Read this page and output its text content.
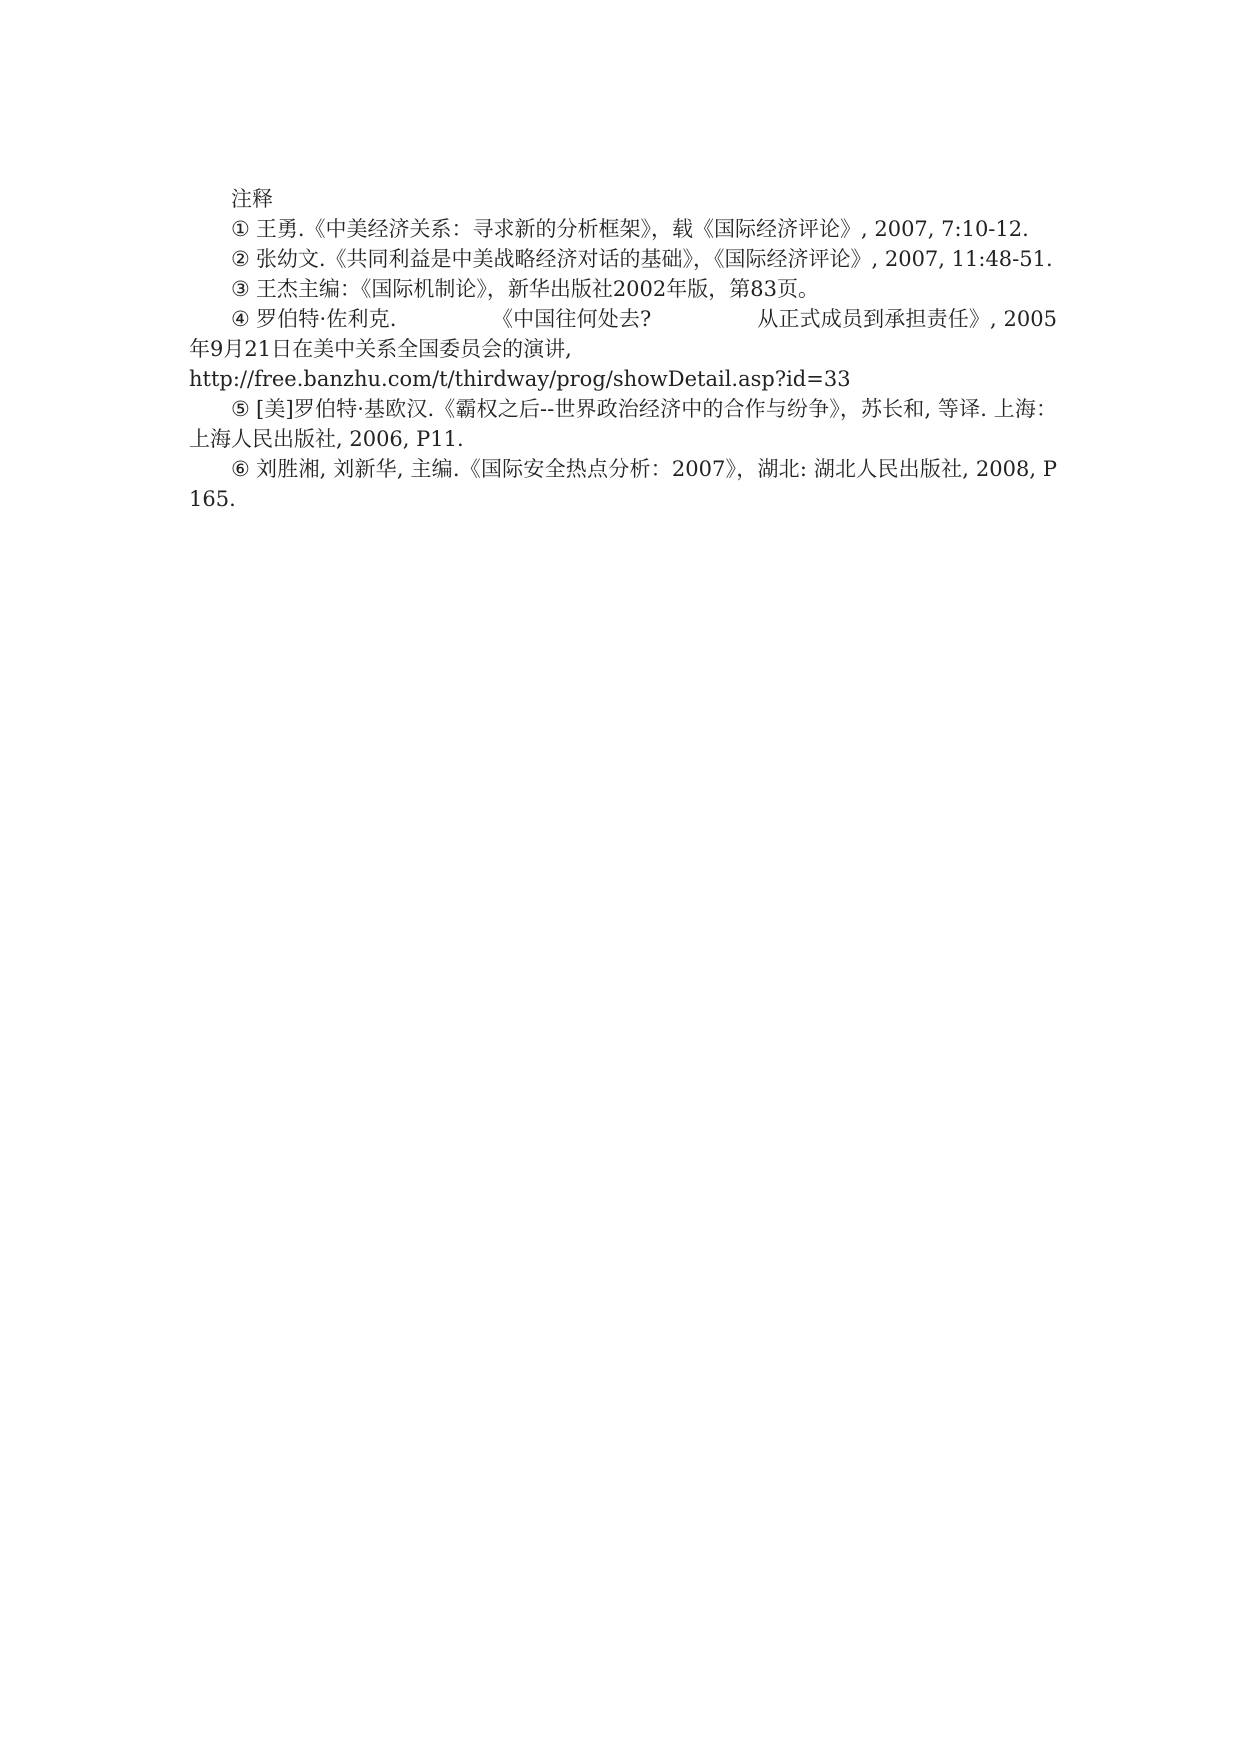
注释

① 王勇.《中美经济关系：寻求新的分析框架》，载《国际经济评论》, 2007, 7:10-12.

② 张幼文.《共同利益是中美战略经济对话的基础》，《国际经济评论》, 2007, 11:48-51.

③ 王杰主编：《国际机制论》，新华出版社2002年版，第83页。

④ 罗伯特·佐利克.　　　　　《中国往何处去?　　　　　从正式成员到承担责任》, 2005年9月21日在美中关系全国委员会的演讲,
http://free.banzhu.com/t/thirdway/prog/showDetail.asp?id=33

⑤ [美]罗伯特·基欧汉.《霸权之后--世界政治经济中的合作与纷争》，苏长和, 等译. 上海：上海人民出版社, 2006, P11.

⑥ 刘胜湘, 刘新华, 主编.《国际安全热点分析：2007》，湖北: 湖北人民出版社, 2008, P165.
